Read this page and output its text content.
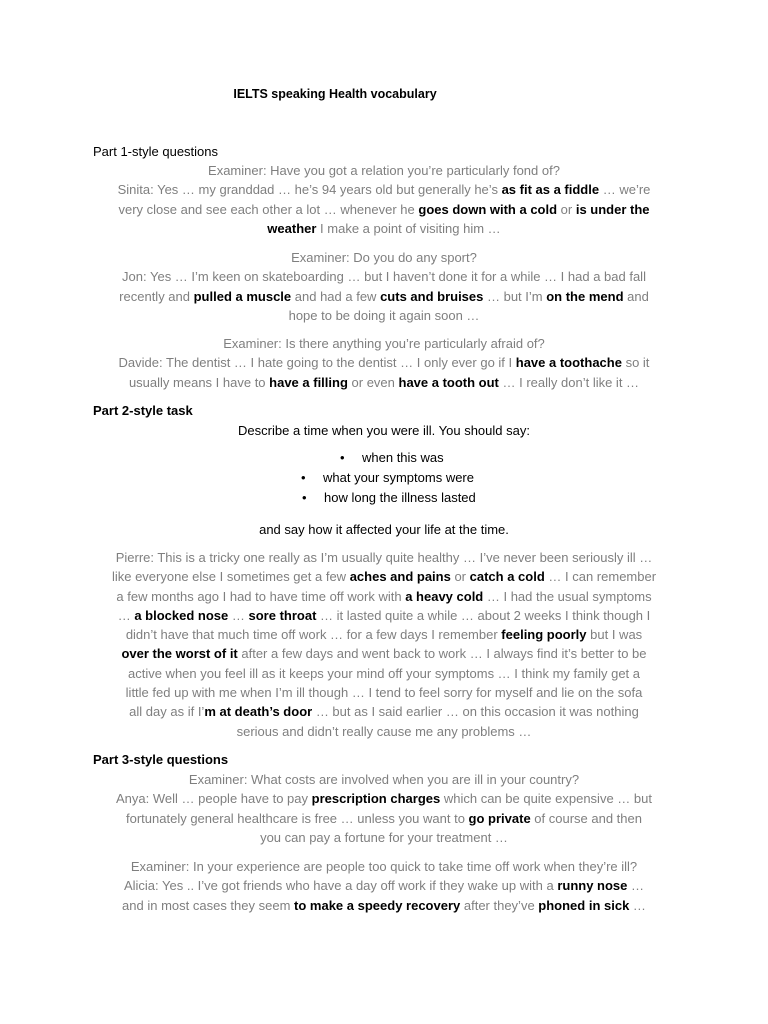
IELTS speaking Health vocabulary
Part 1-style questions
Examiner: Have you got a relation you’re particularly fond of?
Sinita: Yes … my granddad … he’s 94 years old but generally he’s as fit as a fiddle … we’re
very close and see each other a lot … whenever he goes down with a cold or is under the
weather I make a point of visiting him …
Examiner: Do you do any sport?
Jon: Yes … I’m keen on skateboarding … but I haven’t done it for a while … I had a bad fall
recently and pulled a muscle and had a few cuts and bruises … but I’m on the mend and
hope to be doing it again soon …
Examiner: Is there anything you’re particularly afraid of?
Davide: The dentist … I hate going to the dentist … I only ever go if I have a toothache so it
usually means I have to have a filling or even have a tooth out … I really don’t like it …
Part 2-style task
Describe a time when you were ill. You should say:
• when this was
• what your symptoms were
• how long the illness lasted
and say how it affected your life at the time.
Pierre: This is a tricky one really as I’m usually quite healthy … I’ve never been seriously ill …
like everyone else I sometimes get a few aches and pains or catch a cold … I can remember
a few months ago I had to have time off work with a heavy cold … I had the usual symptoms
… a blocked nose … sore throat … it lasted quite a while … about 2 weeks I think though I
didn’t have that much time off work … for a few days I remember feeling poorly but I was
over the worst of it after a few days and went back to work … I always find it’s better to be
active when you feel ill as it keeps your mind off your symptoms … I think my family get a
little fed up with me when I’m ill though … I tend to feel sorry for myself and lie on the sofa
all day as if I’m at death’s door … but as I said earlier … on this occasion it was nothing
serious and didn’t really cause me any problems …
Part 3-style questions
Examiner: What costs are involved when you are ill in your country?
Anya: Well … people have to pay prescription charges which can be quite expensive … but
fortunately general healthcare is free … unless you want to go private of course and then
you can pay a fortune for your treatment …
Examiner: In your experience are people too quick to take time off work when they’re ill?
Alicia: Yes .. I’ve got friends who have a day off work if they wake up with a runny nose …
and in most cases they seem to make a speedy recovery after they’ve phoned in sick …
